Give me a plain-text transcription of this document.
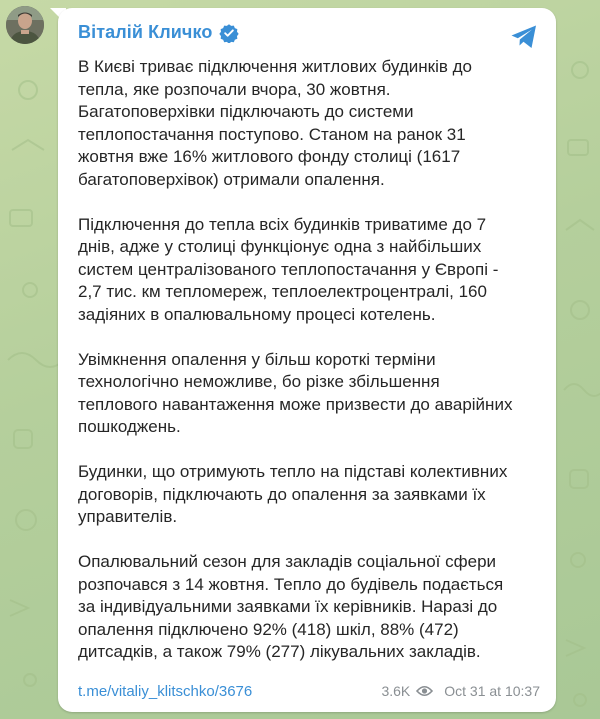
Віталій Кличко

В Києві триває підключення житлових будинків до
тепла, яке розпочали вчора, 30 жовтня.
Багатоповерхівки підключають до системи
теплопостачання поступово. Станом на ранок 31
жовтня вже 16% житлового фонду столиці (1617
багатоповерхівок) отримали опалення.

Підключення до тепла всіх будинків триватиме до 7
днів, адже у столиці функціонує одна з найбільших
систем централізованого теплопостачання у Європі -
2,7 тис. км тепломереж, теплоелектроцентралі, 160
задіяних в опалювальному процесі котелень.

Увімкнення опалення у більш короткі терміни
технологічно неможливе, бо різке збільшення
теплового навантаження може призвести до аварійних
пошкоджень.

Будинки, що отримують тепло на підставі колективних
договорів, підключають до опалення за заявками їх
управителів.

Опалювальний сезон для закладів соціальної сфери
розпочався з 14 жовтня. Тепло до будівель подається
за індивідуальними заявками їх керівників. Наразі до
опалення підключено 92% (418) шкіл, 88% (472)
дитсадків, а також 79% (277) лікувальних закладів.

t.me/vitaliy_klitschko/3676	3.6K Oct 31 at 10:37
